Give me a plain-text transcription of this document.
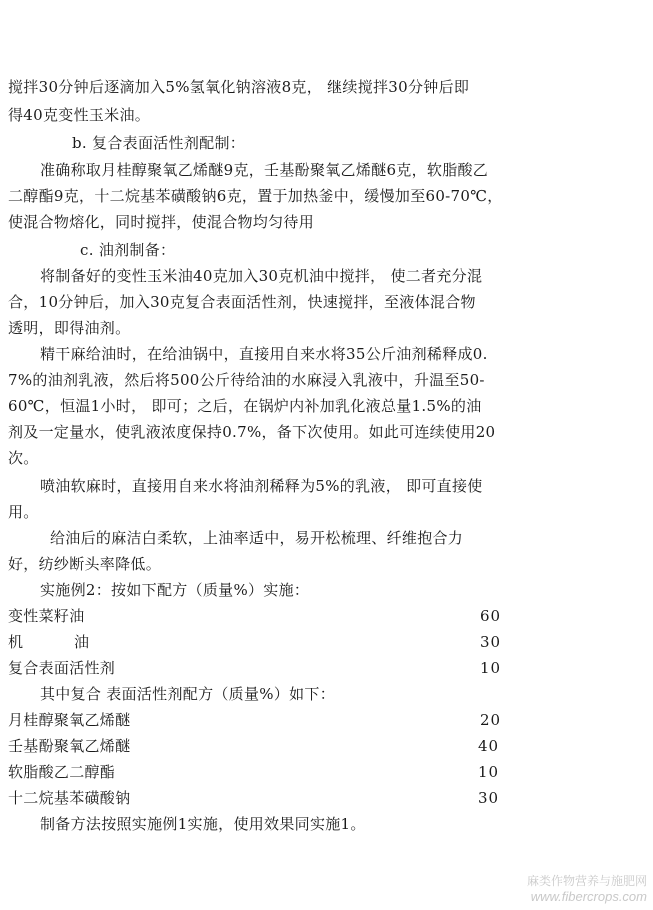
搅拌30分钟后逐滴加入5%氢氧化钠溶液8克， 继续搅拌30分钟后即
得40克变性玉米油。
b. 复合表面活性剂配制：
准确称取月桂醇聚氧乙烯醚9克，壬基酚聚氧乙烯醚6克，软脂酸乙
二醇酯9克，十二烷基苯磺酸钠6克，置于加热釜中，缓慢加至60-70℃，
使混合物熔化，同时搅拌，使混合物均匀待用
c. 油剂制备：
将制备好的变性玉米油40克加入30克机油中搅拌， 使二者充分混
合，10分钟后，加入30克复合表面活性剂，快速搅拌，至液体混合物
透明，即得油剂。
精干麻给油时，在给油锅中，直接用自来水将35公斤油剂稀释成0.
7%的油剂乳液，然后将500公斤待给油的水麻浸入乳液中，升温至50-
60℃，恒温1小时， 即可；之后，在锅炉内补加乳化液总量1.5%的油
剂及一定量水，使乳液浓度保持0.7%，备下次使用。如此可连续使用20
次。
喷油软麻时，直接用自来水将油剂稀释为5%的乳液， 即可直接使
用。
给油后的麻洁白柔软，上油率适中，易开松梳理、纤维抱合力
好，纺纱断头率降低。
实施例2：按如下配方（质量%）实施：
变性菜籽油	60
机          油	30
复合表面活性剂	10
其中复合 表面活性剂配方（质量%）如下：
月桂醇聚氧乙烯醚	20
壬基酚聚氧乙烯醚	40
软脂酸乙二醇酯	10
十二烷基苯磺酸钠	30
制备方法按照实施例1实施，使用效果同实施1。
麻类作物营养与施肥网
www.fibercrops.com
